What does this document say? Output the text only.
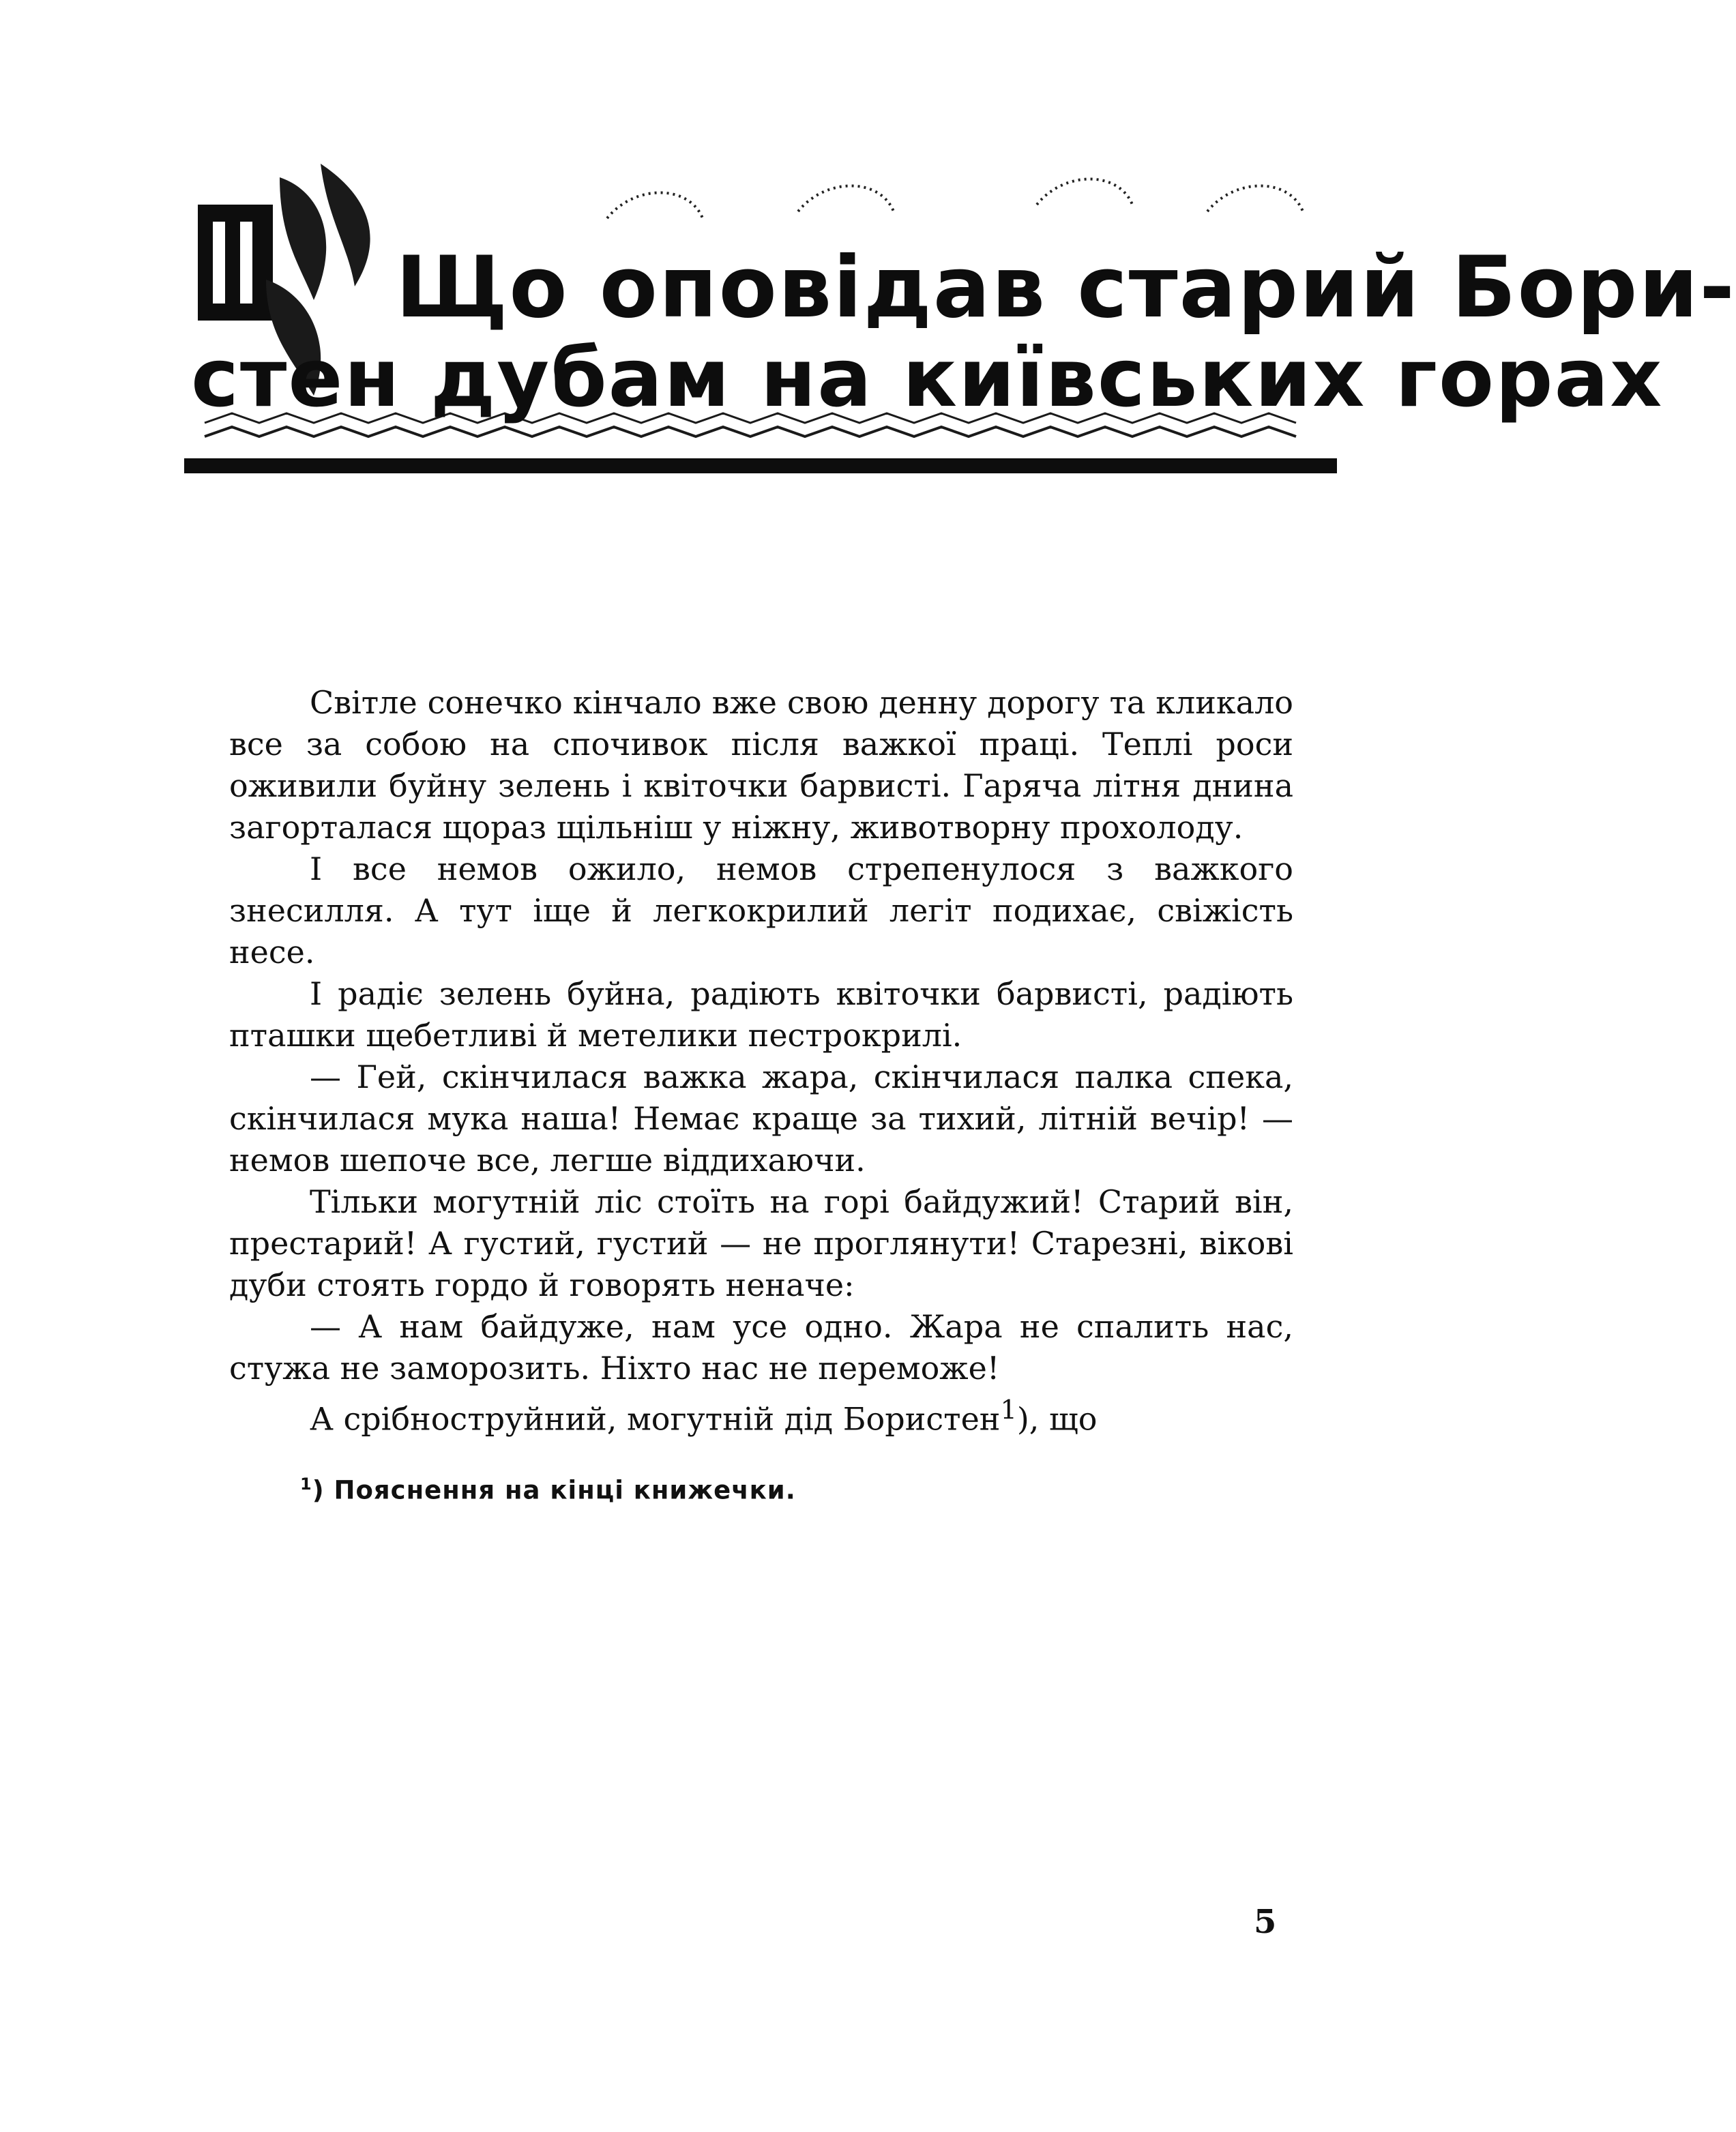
Що оповідав старий Бори-
стен дубам на київських горах

Світле сонечко кінчало вже свою денну дорогу та кликало все за собою на спочивок після важкої праці. Теплі роси оживили буйну зелень і квіточки барвисті. Гаряча літня днина загорталася щораз щільніш у ніжну, животворну прохолоду.

І все немов ожило, немов стрепенулося з важкого знесилля. А тут іще й легкокрилий легіт подихає, свіжість несе.

І радіє зелень буйна, радіють квіточки барвисті, радіють пташки щебетливі й метелики пестрокрилі.

— Гей, скінчилася важка жара, скінчилася палка спека, скінчилася мука наша! Немає краще за тихий, літній вечір! — немов шепоче все, легше віддихаючи.

Тільки могутній ліс стоїть на горі байдужий! Старий він, престарий! А густий, густий — не проглянути! Старезні, вікові дуби стоять гордо й говорять неначе:

— А нам байдуже, нам усе одно. Жара не спалить нас, стужа не заморозить. Ніхто нас не переможе!

А срібноструйний, могутній дід Бористен$^1$), що

$^1$) Пояснення на кінці книжечки.
5
